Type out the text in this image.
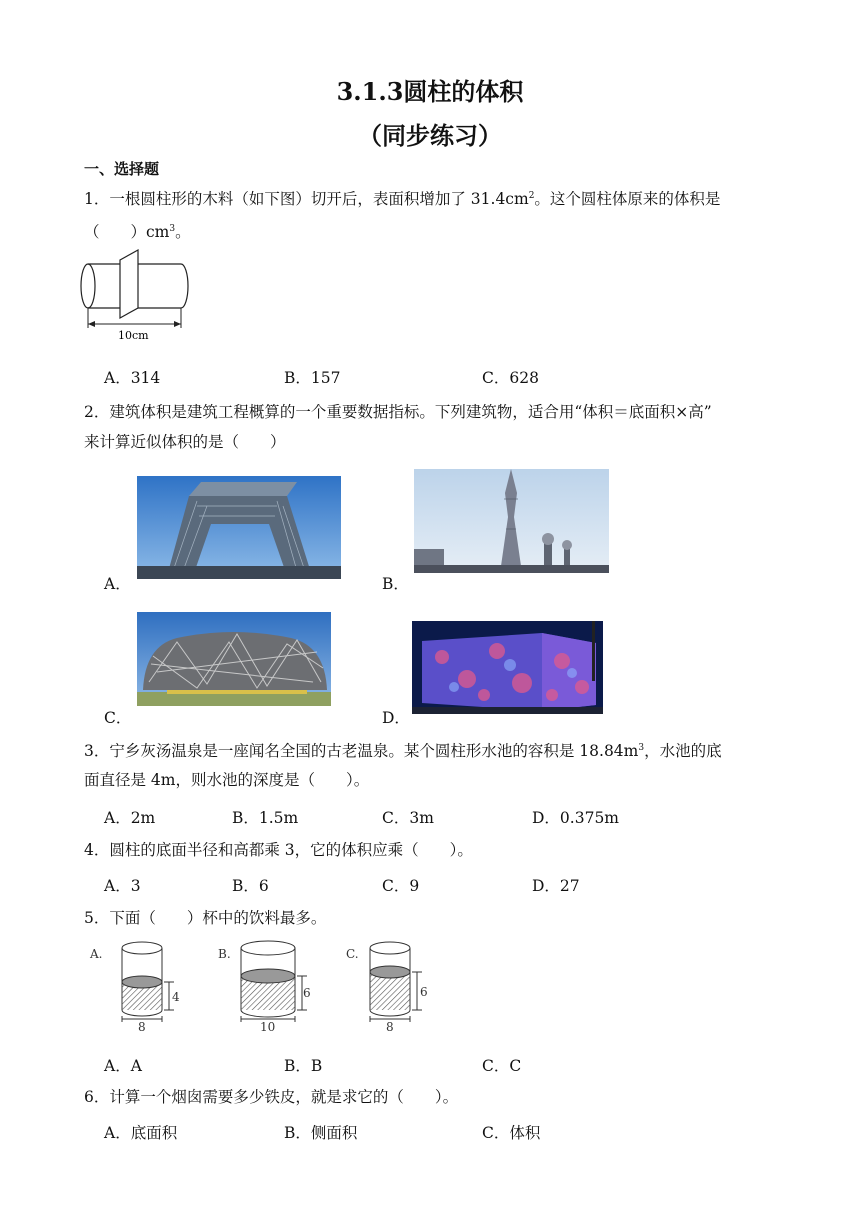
3.1.3圆柱的体积
（同步练习）
一、选择题
1．一根圆柱形的木料（如下图）切开后，表面积增加了 $31.4cm^2$。这个圆柱体原来的体积是
（　　）$cm^3$。
10cm
A．314	B．157	C．628
2．建筑体积是建筑工程概算的一个重要数据指标。下列建筑物，适合用“体积＝底面积×高”
来计算近似体积的是（　　）
A．	B．
C．	D．
3．宁乡灰汤温泉是一座闻名全国的古老温泉。某个圆柱形水池的容积是 $18.84m^3$，水池的底
面直径是 4m，则水池的深度是（　　）。
A．2m	B．1.5m	C．3m	D．0.375m
4．圆柱的底面半径和高都乘 3，它的体积应乘（　　）。
A．3	B．6	C．9	D．27
5．下面（　　）杯中的饮料最多。
A.
4
8
B.
6
10
C.
6
8
A．A	B．B	C．C
6．计算一个烟囱需要多少铁皮，就是求它的（　　）。
A．底面积	B．侧面积	C．体积
